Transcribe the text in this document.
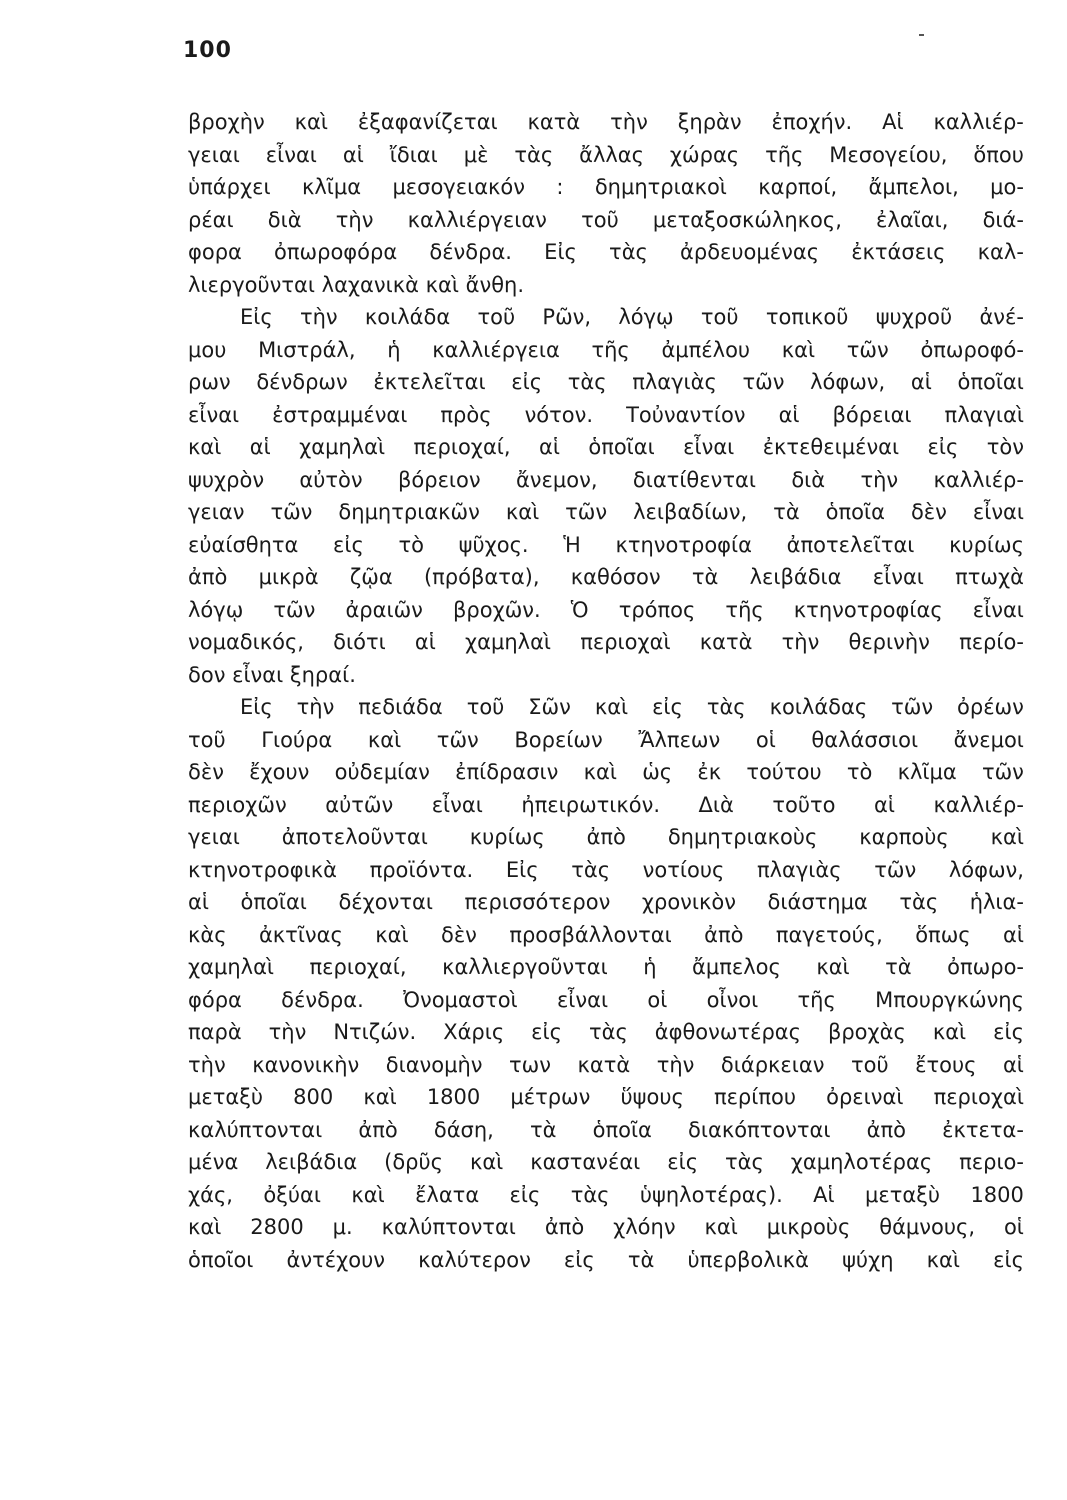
100
βροχὴν καὶ ἐξαφανίζεται κατὰ τὴν ξηρὰν ἐποχήν. Αἱ καλλιέρ-
γειαι εἶναι αἱ ἴδιαι μὲ τὰς ἄλλας χώρας τῆς Μεσογείου, ὅπου
ὑπάρχει κλῖμα μεσογειακόν : δημητριακοὶ καρποί, ἄμπελοι, μο-
ρέαι διὰ τὴν καλλιέργειαν τοῦ μεταξοσκώληκος, ἐλαῖαι, διά-
φορα ὀπωροφόρα δένδρα. Εἰς τὰς ἀρδευομένας ἐκτάσεις καλ-
λιεργοῦνται λαχανικὰ καὶ ἄνθη.
Εἰς τὴν κοιλάδα τοῦ Ρῶν, λόγῳ τοῦ τοπικοῦ ψυχροῦ ἀνέ-
μου Μιστράλ, ἡ καλλιέργεια τῆς ἀμπέλου καὶ τῶν ὀπωροφό-
ρων δένδρων ἐκτελεῖται εἰς τὰς πλαγιὰς τῶν λόφων, αἱ ὁποῖαι
εἶναι ἐστραμμέναι πρὸς νότον. Τοὐναντίον αἱ βόρειαι πλαγιαὶ
καὶ αἱ χαμηλαὶ περιοχαί, αἱ ὁποῖαι εἶναι ἐκτεθειμέναι εἰς τὸν
ψυχρὸν αὐτὸν βόρειον ἄνεμον, διατίθενται διὰ τὴν καλλιέρ-
γειαν τῶν δημητριακῶν καὶ τῶν λειβαδίων, τὰ ὁποῖα δὲν εἶναι
εὐαίσθητα εἰς τὸ ψῦχος. Ἡ κτηνοτροφία ἀποτελεῖται κυρίως
ἀπὸ μικρὰ ζῷα (πρόβατα), καθόσον τὰ λειβάδια εἶναι πτωχὰ
λόγῳ τῶν ἀραιῶν βροχῶν. Ὁ τρόπος τῆς κτηνοτροφίας εἶναι
νομαδικός, διότι αἱ χαμηλαὶ περιοχαὶ κατὰ τὴν θερινὴν περίο-
δον εἶναι ξηραί.
Εἰς τὴν πεδιάδα τοῦ Σῶν καὶ εἰς τὰς κοιλάδας τῶν ὀρέων
τοῦ Γιούρα καὶ τῶν Βορείων Ἄλπεων οἱ θαλάσσιοι ἄνεμοι
δὲν ἔχουν οὐδεμίαν ἐπίδρασιν καὶ ὡς ἐκ τούτου τὸ κλῖμα τῶν
περιοχῶν αὐτῶν εἶναι ἠπειρωτικόν. Διὰ τοῦτο αἱ καλλιέρ-
γειαι ἀποτελοῦνται κυρίως ἀπὸ δημητριακοὺς καρποὺς καὶ
κτηνοτροφικὰ προϊόντα. Εἰς τὰς νοτίους πλαγιὰς τῶν λόφων,
αἱ ὁποῖαι δέχονται περισσότερον χρονικὸν διάστημα τὰς ἡλια-
κὰς ἀκτῖνας καὶ δὲν προσβάλλονται ἀπὸ παγετούς, ὅπως αἱ
χαμηλαὶ περιοχαί, καλλιεργοῦνται ἡ ἄμπελος καὶ τὰ ὀπωρο-
φόρα δένδρα. Ὀνομαστοὶ εἶναι οἱ οἶνοι τῆς Μπουργκώνης
παρὰ τὴν Ντιζών. Χάρις εἰς τὰς ἀφθονωτέρας βροχὰς καὶ εἰς
τὴν κανονικὴν διανομὴν των κατὰ τὴν διάρκειαν τοῦ ἔτους αἱ
μεταξὺ 800 καὶ 1800 μέτρων ὕψους περίπου ὀρειναὶ περιοχαὶ
καλύπτονται ἀπὸ δάση, τὰ ὁποῖα διακόπτονται ἀπὸ ἐκτετα-
μένα λειβάδια (δρῦς καὶ καστανέαι εἰς τὰς χαμηλοτέρας περιο-
χάς, ὀξύαι καὶ ἔλατα εἰς τὰς ὑψηλοτέρας). Αἱ μεταξὺ 1800
καὶ 2800 μ. καλύπτονται ἀπὸ χλόην καὶ μικροὺς θάμνους, οἱ
ὁποῖοι ἀντέχουν καλύτερον εἰς τὰ ὑπερβολικὰ ψύχη καὶ εἰς
